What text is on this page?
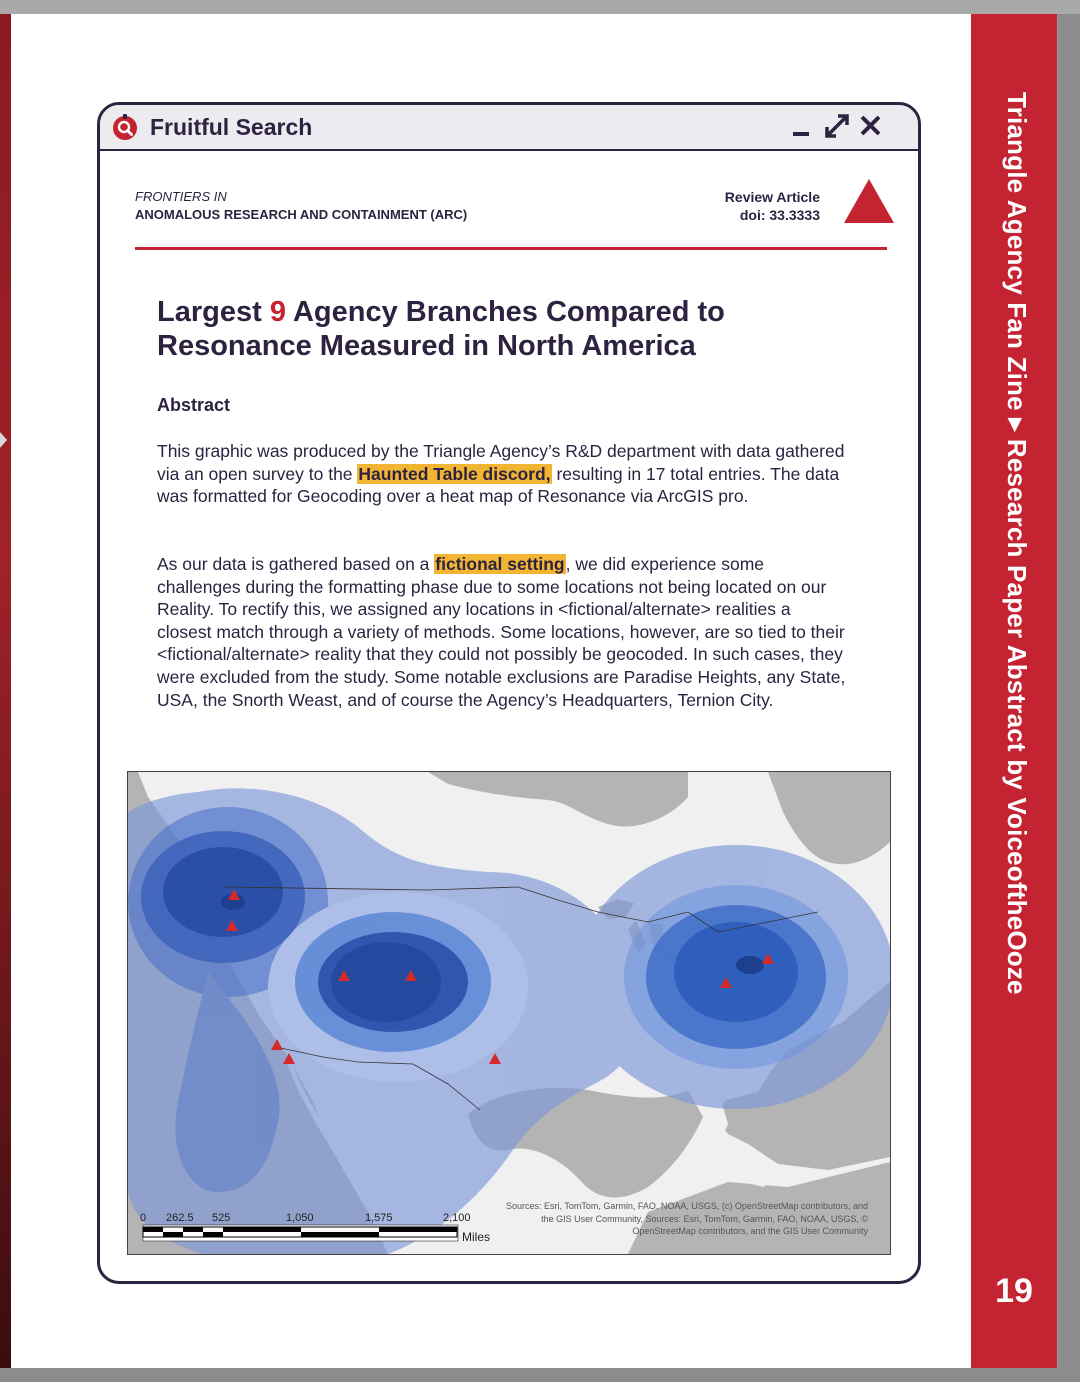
Triangle Agency Fan Zine ▸ Research Paper Abstract by VoiceoftheOoze
19
Fruitful Search
FRONTIERS IN
ANOMALOUS RESEARCH AND CONTAINMENT (ARC)
Review Article
doi: 33.3333
Largest 9 Agency Branches Compared to Resonance Measured in North America
Abstract

This graphic was produced by the Triangle Agency’s R&D department with data gathered via an open survey to the Haunted Table discord, resulting in 17 total entries. The data was formatted for Geocoding over a heat map of Resonance via ArcGIS pro.

As our data is gathered based on a fictional setting, we did experience some challenges during the formatting phase due to some locations not being located on our Reality. To rectify this, we assigned any locations in <fictional/alternate> realities a closest match through a variety of methods. Some locations, however, are so tied to their <fictional/alternate> reality that they could not possibly be geocoded. In such cases, they were excluded from the study. Some notable exclusions are Paradise Heights, any State, USA, the Snorth Weast, and of course the Agency’s Headquarters, Ternion City.

0 262.5 525	1,050	1,575	2,100
Miles
Sources: Esri, TomTom, Garmin, FAO, NOAA, USGS, (c) OpenStreetMap contributors, and the GIS User Community, Sources: Esri, TomTom, Garmin, FAO, NOAA, USGS, © OpenStreetMap contributors, and the GIS User Community
